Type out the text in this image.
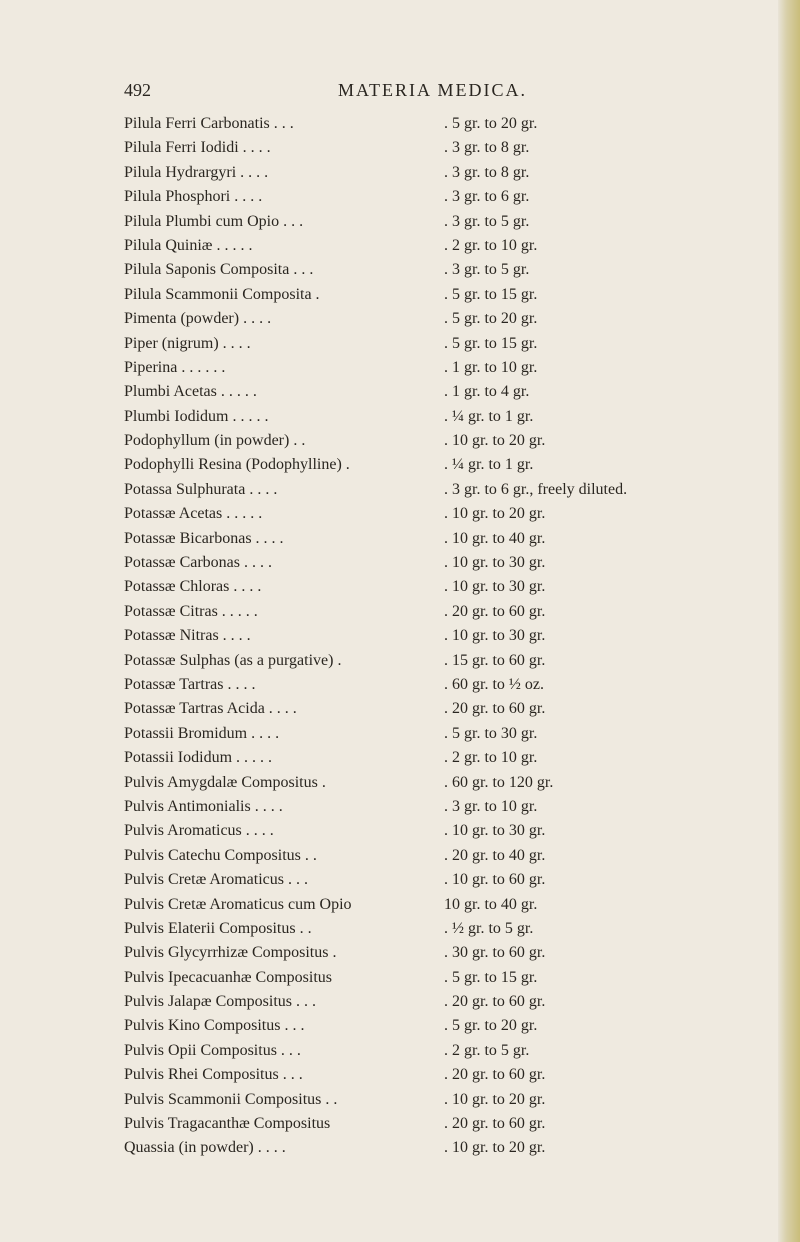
492	MATERIA MEDICA.
Pilula Ferri Carbonatis . . .	. 5 gr. to 20 gr.
Pilula Ferri Iodidi . . . .	. 3 gr. to 8 gr.
Pilula Hydrargyri . . . .	. 3 gr. to 8 gr.
Pilula Phosphori . . . .	. 3 gr. to 6 gr.
Pilula Plumbi cum Opio . . .	. 3 gr. to 5 gr.
Pilula Quiniæ . . . . .	. 2 gr. to 10 gr.
Pilula Saponis Composita . . .	. 3 gr. to 5 gr.
Pilula Scammonii Composita .	. 5 gr. to 15 gr.
Pimenta (powder) . . . .	. 5 gr. to 20 gr.
Piper (nigrum) . . . .	. 5 gr. to 15 gr.
Piperina . . . . . .	. 1 gr. to 10 gr.
Plumbi Acetas . . . . .	. 1 gr. to 4 gr.
Plumbi Iodidum . . . . .	. ¼ gr. to 1 gr.
Podophyllum (in powder) . .	. 10 gr. to 20 gr.
Podophylli Resina (Podophylline) .	. ¼ gr. to 1 gr.
Potassa Sulphurata . . . .	. 3 gr. to 6 gr., freely diluted.
Potassæ Acetas . . . . .	. 10 gr. to 20 gr.
Potassæ Bicarbonas . . . .	. 10 gr. to 40 gr.
Potassæ Carbonas . . . .	. 10 gr. to 30 gr.
Potassæ Chloras . . . .	. 10 gr. to 30 gr.
Potassæ Citras . . . . .	. 20 gr. to 60 gr.
Potassæ Nitras . . . .	. 10 gr. to 30 gr.
Potassæ Sulphas (as a purgative) .	. 15 gr. to 60 gr.
Potassæ Tartras . . . .	. 60 gr. to ½ oz.
Potassæ Tartras Acida . . . .	. 20 gr. to 60 gr.
Potassii Bromidum . . . .	. 5 gr. to 30 gr.
Potassii Iodidum . . . . .	. 2 gr. to 10 gr.
Pulvis Amygdalæ Compositus .	. 60 gr. to 120 gr.
Pulvis Antimonialis . . . .	. 3 gr. to 10 gr.
Pulvis Aromaticus . . . .	. 10 gr. to 30 gr.
Pulvis Catechu Compositus . .	. 20 gr. to 40 gr.
Pulvis Cretæ Aromaticus . . .	. 10 gr. to 60 gr.
Pulvis Cretæ Aromaticus cum Opio	10 gr. to 40 gr.
Pulvis Elaterii Compositus . .	. ½ gr. to 5 gr.
Pulvis Glycyrrhizæ Compositus .	. 30 gr. to 60 gr.
Pulvis Ipecacuanhæ Compositus	. 5 gr. to 15 gr.
Pulvis Jalapæ Compositus . . .	. 20 gr. to 60 gr.
Pulvis Kino Compositus . . .	. 5 gr. to 20 gr.
Pulvis Opii Compositus . . .	. 2 gr. to 5 gr.
Pulvis Rhei Compositus . . .	. 20 gr. to 60 gr.
Pulvis Scammonii Compositus . .	. 10 gr. to 20 gr.
Pulvis Tragacanthæ Compositus	. 20 gr. to 60 gr.
Quassia (in powder) . . . .	. 10 gr. to 20 gr.
